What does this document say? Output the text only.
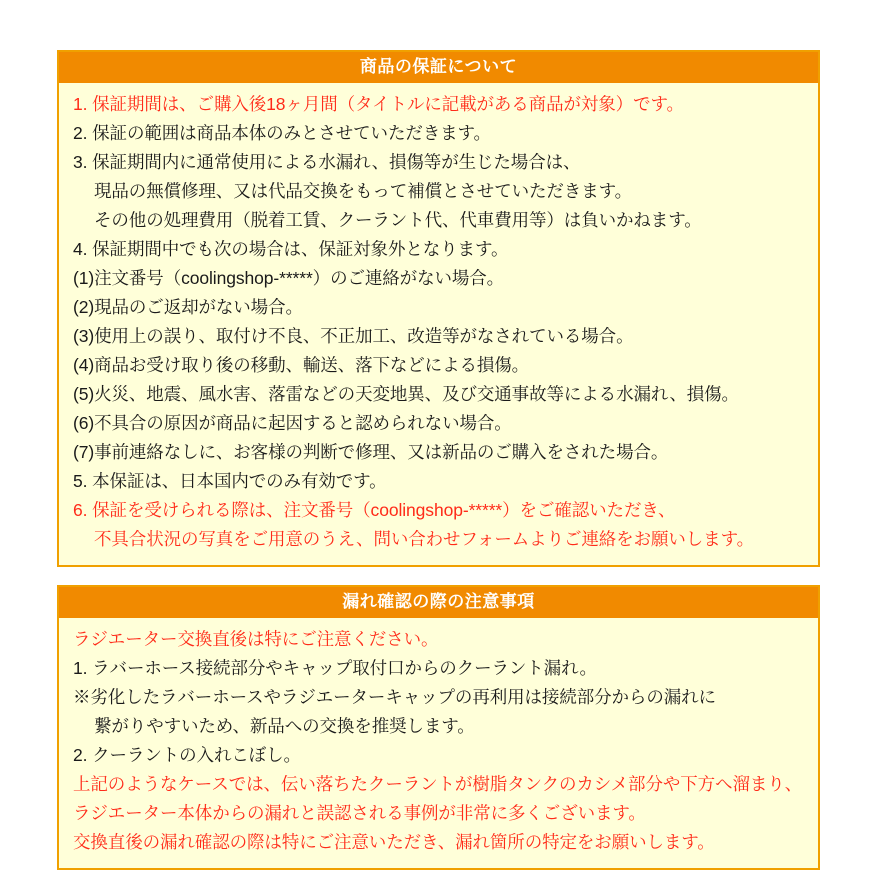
商品の保証について
1. 保証期間は、ご購入後18ヶ月間（タイトルに記載がある商品が対象）です。
2. 保証の範囲は商品本体のみとさせていただきます。
3. 保証期間内に通常使用による水漏れ、損傷等が生じた場合は、
現品の無償修理、又は代品交換をもって補償とさせていただきます。
その他の処理費用（脱着工賃、クーラント代、代車費用等）は負いかねます。
4. 保証期間中でも次の場合は、保証対象外となります。
(1)注文番号（coolingshop-*****）のご連絡がない場合。
(2)現品のご返却がない場合。
(3)使用上の誤り、取付け不良、不正加工、改造等がなされている場合。
(4)商品お受け取り後の移動、輸送、落下などによる損傷。
(5)火災、地震、風水害、落雷などの天変地異、及び交通事故等による水漏れ、損傷。
(6)不具合の原因が商品に起因すると認められない場合。
(7)事前連絡なしに、お客様の判断で修理、又は新品のご購入をされた場合。
5. 本保証は、日本国内でのみ有効です。
6. 保証を受けられる際は、注文番号（coolingshop-*****）をご確認いただき、
不具合状況の写真をご用意のうえ、問い合わせフォームよりご連絡をお願いします。
漏れ確認の際の注意事項
ラジエーター交換直後は特にご注意ください。
1. ラバーホース接続部分やキャップ取付口からのクーラント漏れ。
※劣化したラバーホースやラジエーターキャップの再利用は接続部分からの漏れに
繋がりやすいため、新品への交換を推奨します。
2. クーラントの入れこぼし。
上記のようなケースでは、伝い落ちたクーラントが樹脂タンクのカシメ部分や下方へ溜まり、
ラジエーター本体からの漏れと誤認される事例が非常に多くございます。
交換直後の漏れ確認の際は特にご注意いただき、漏れ箇所の特定をお願いします。
